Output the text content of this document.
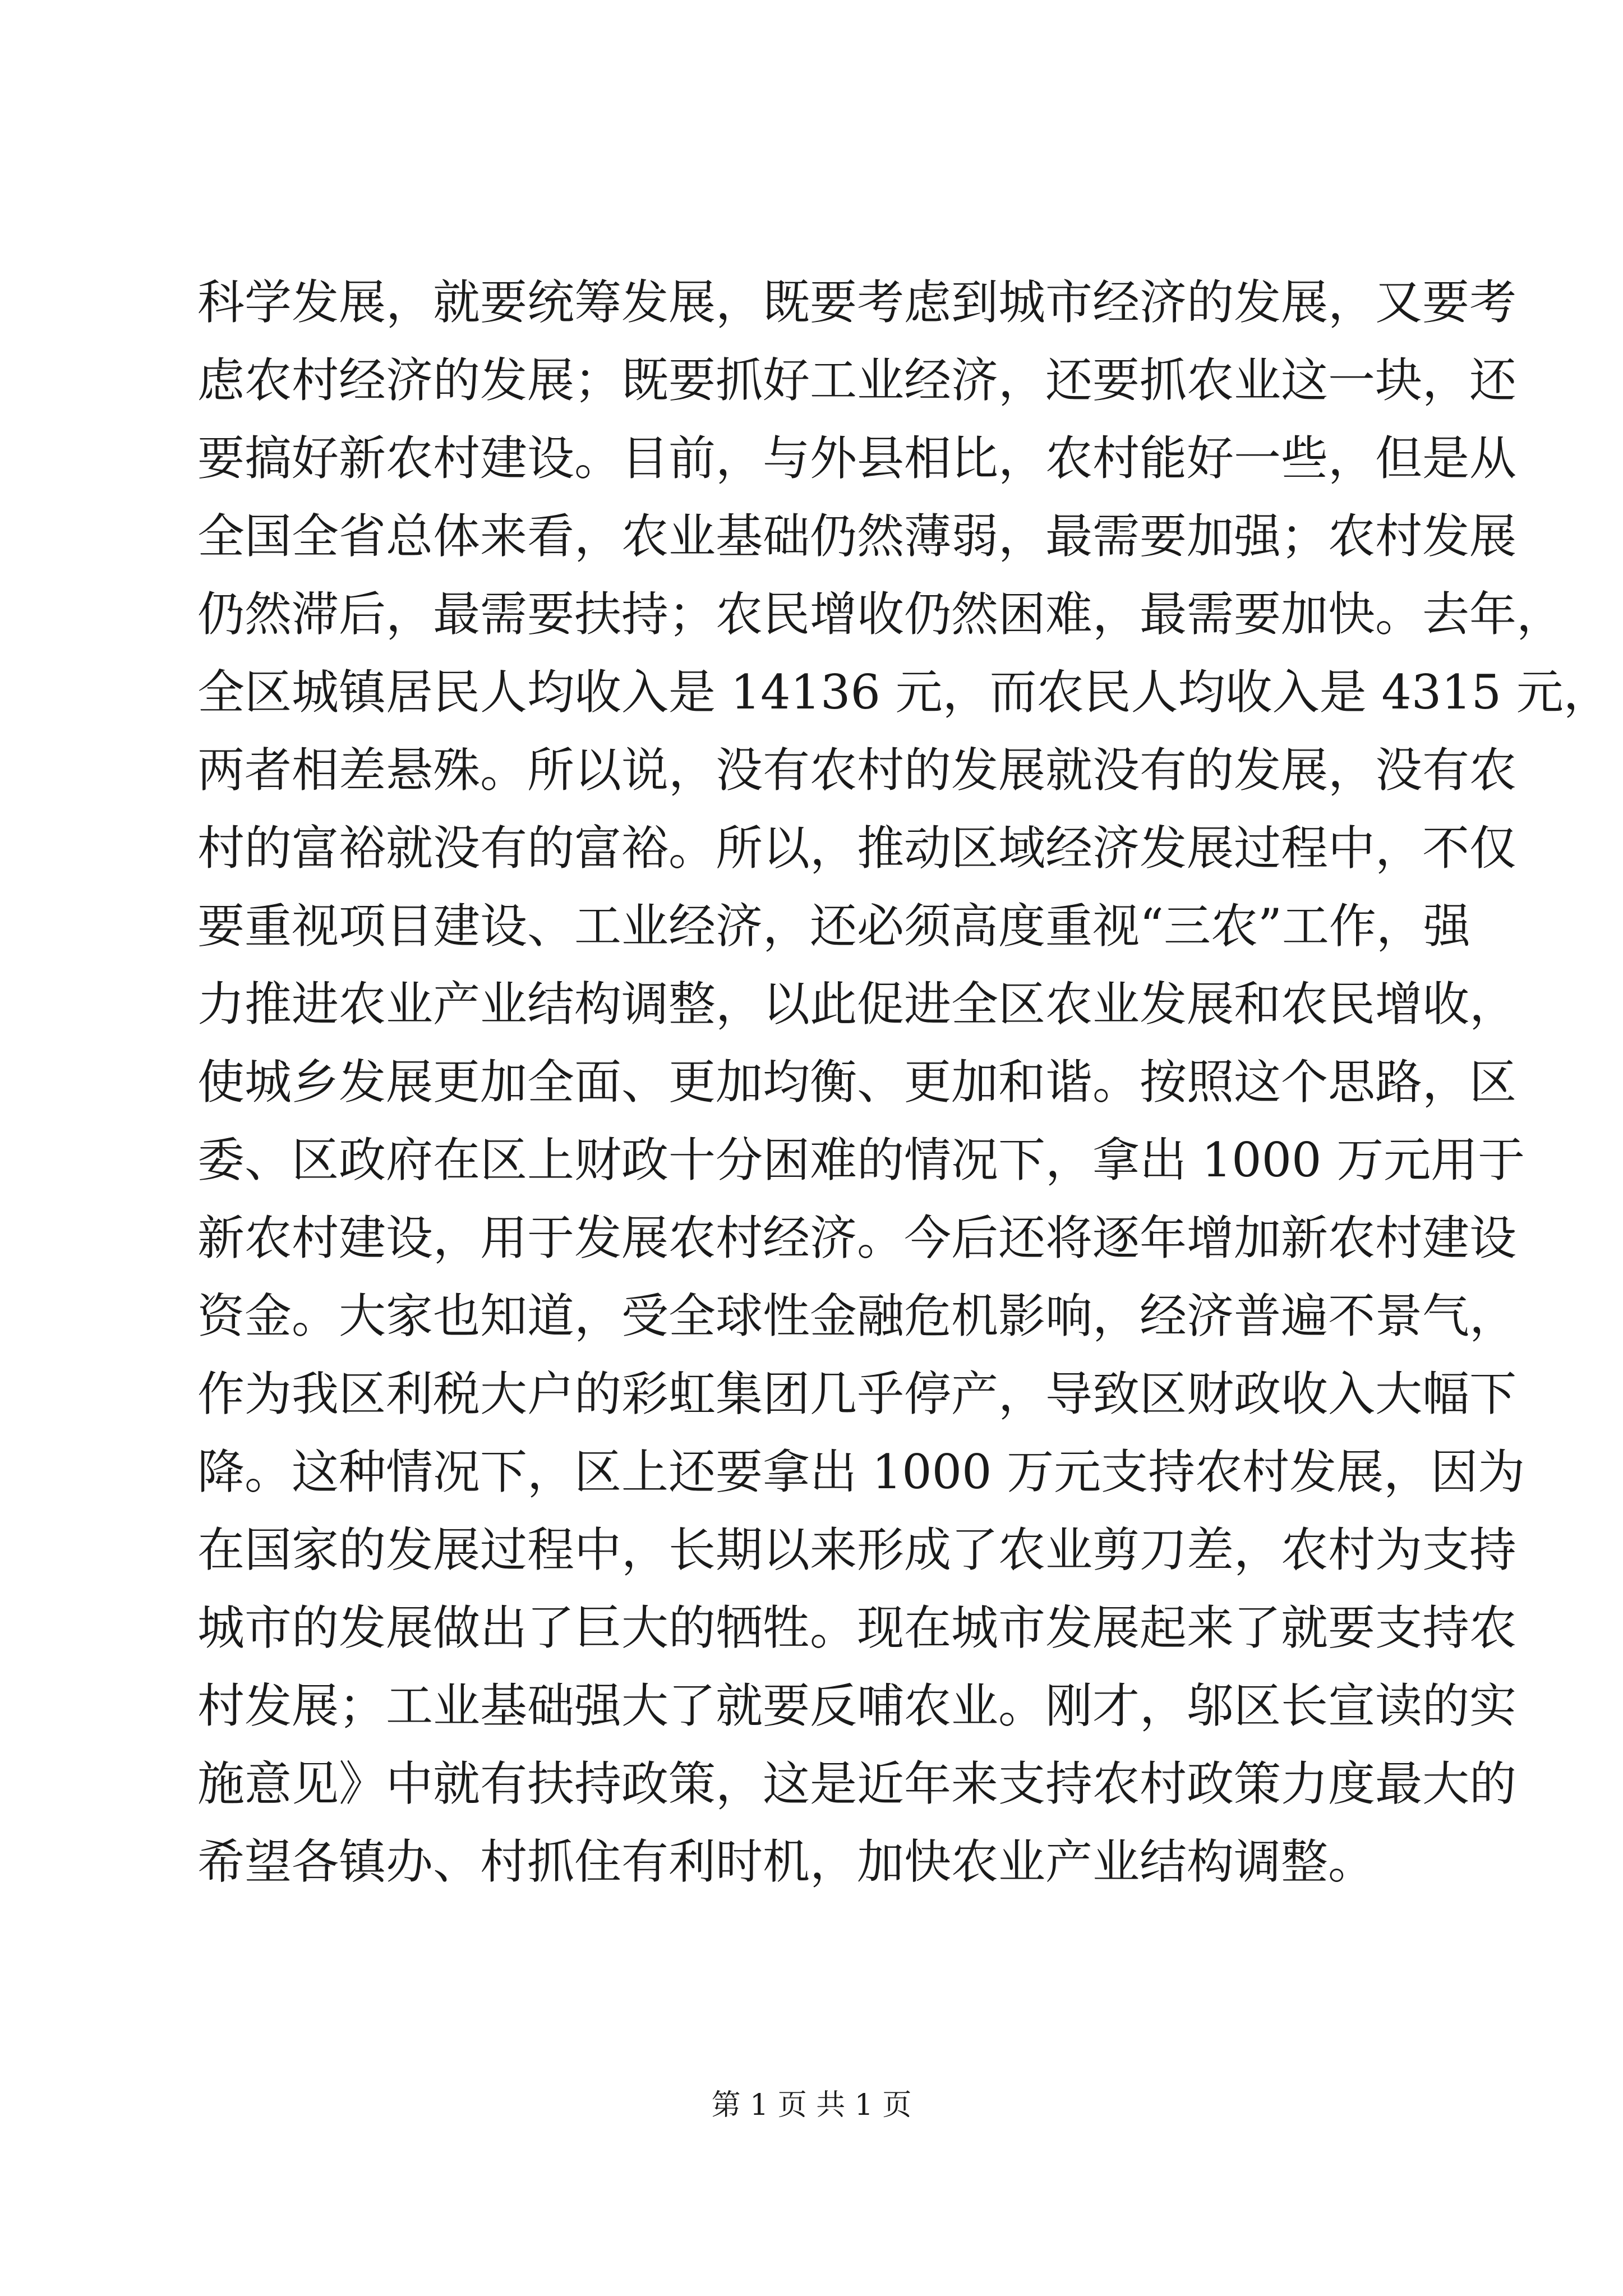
科学发展，就要统筹发展，既要考虑到城市经济的发展，又要考
虑农村经济的发展；既要抓好工业经济，还要抓农业这一块，还
要搞好新农村建设。目前，与外县相比，农村能好一些，但是从
全国全省总体来看，农业基础仍然薄弱，最需要加强；农村发展
仍然滞后，最需要扶持；农民增收仍然困难，最需要加快。去年，
全区城镇居民人均收入是 14136 元，而农民人均收入是 4315 元，
两者相差悬殊。所以说，没有农村的发展就没有的发展，没有农
村的富裕就没有的富裕。所以，推动区域经济发展过程中，不仅
要重视项目建设、工业经济，还必须高度重视“三农”工作，强
力推进农业产业结构调整，以此促进全区农业发展和农民增收，
使城乡发展更加全面、更加均衡、更加和谐。按照这个思路，区
委、区政府在区上财政十分困难的情况下，拿出 1000 万元用于
新农村建设，用于发展农村经济。今后还将逐年增加新农村建设
资金。大家也知道，受全球性金融危机影响，经济普遍不景气，
作为我区利税大户的彩虹集团几乎停产，导致区财政收入大幅下
降。这种情况下，区上还要拿出 1000 万元支持农村发展，因为
在国家的发展过程中，长期以来形成了农业剪刀差，农村为支持
城市的发展做出了巨大的牺牲。现在城市发展起来了就要支持农
村发展；工业基础强大了就要反哺农业。刚才，邬区长宣读的实
施意见》中就有扶持政策，这是近年来支持农村政策力度最大的
希望各镇办、村抓住有利时机，加快农业产业结构调整。
第 1 页 共 1 页
